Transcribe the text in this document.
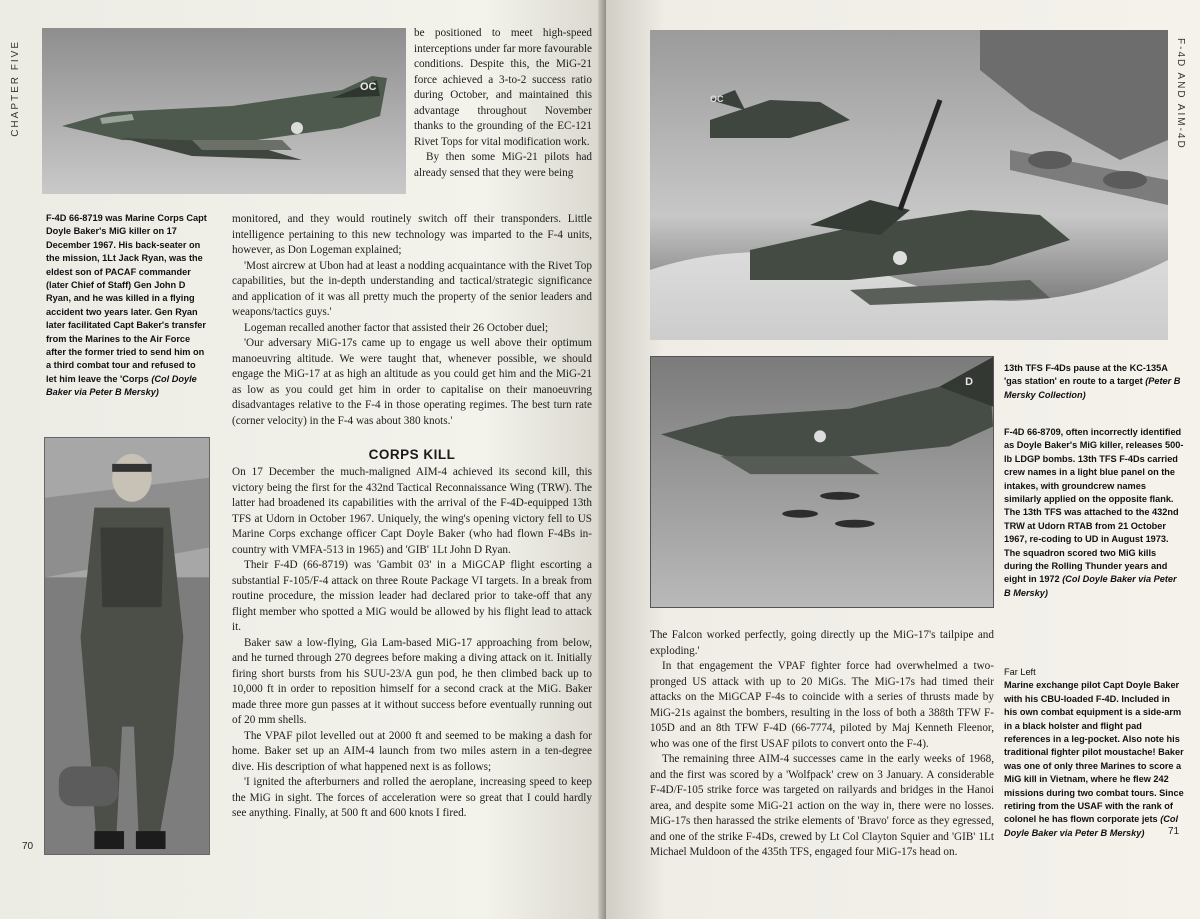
CHAPTER FIVE	OC
F-4D 66-8719 was Marine Corps Capt Doyle Baker's MiG killer on 17 December 1967. His back-seater on the mission, 1Lt Jack Ryan, was the eldest son of PACAF commander (later Chief of Staff) Gen John D Ryan, and he was killed in a flying accident two years later. Gen Ryan later facilitated Capt Baker's transfer from the Marines to the Air Force after the former tried to send him on a third combat tour and refused to let him leave the 'Corps (Col Doyle Baker via Peter B Mersky)

be positioned to meet high-speed interceptions under far more favourable conditions. Despite this, the MiG-21 force achieved a 3-to-2 success ratio during October, and maintained this advantage throughout November thanks to the grounding of the EC-121 Rivet Tops for vital modification work.

By then some MiG-21 pilots had already sensed that they were being

monitored, and they would routinely switch off their transponders. Little intelligence pertaining to this new technology was imparted to the F-4 units, however, as Don Logeman explained;

'Most aircrew at Ubon had at least a nodding acquaintance with the Rivet Top capabilities, but the in-depth understanding and tactical/strategic significance and application of it was all pretty much the property of the senior leaders and weapons/tactics guys.'

Logeman recalled another factor that assisted their 26 October duel;

'Our adversary MiG-17s came up to engage us well above their optimum manoeuvring altitude. We were taught that, whenever possible, we should engage the MiG-17 at as high an altitude as you could get him and the MiG-21 as low as you could get him in order to capitalise on their manoeuvring disadvantages relative to the F-4 in those operating regimes. The best turn rate (corner velocity) in the F-4 was about 380 knots.'

CORPS KILL

On 17 December the much-maligned AIM-4 achieved its second kill, this victory being the first for the 432nd Tactical Reconnaissance Wing (TRW). The latter had broadened its capabilities with the arrival of the F-4D-equipped 13th TFS at Udorn in October 1967. Uniquely, the wing's opening victory fell to US Marine Corps exchange officer Capt Doyle Baker (who had flown F-4Bs in-country with VMFA-513 in 1965) and 'GIB' 1Lt John D Ryan.

Their F-4D (66-8719) was 'Gambit 03' in a MiGCAP flight escorting a substantial F-105/F-4 attack on three Route Package VI targets. In a break from routine procedure, the mission leader had declared prior to take-off that any flight member who spotted a MiG would be allowed by his flight lead to attack it.

Baker saw a low-flying, Gia Lam-based MiG-17 approaching from below, and he turned through 270 degrees before making a diving attack on it. Initially firing short bursts from his SUU-23/A gun pod, he then climbed back up to 10,000 ft in order to reposition himself for a second crack at the MiG. Baker made three more gun passes at it without success before eventually running out of 20 mm shells.

The VPAF pilot levelled out at 2000 ft and seemed to be making a dash for home. Baker set up an AIM-4 launch from two miles astern in a ten-degree dive. His description of what happened next is as follows;

'I ignited the afterburners and rolled the aeroplane, increasing speed to keep the MiG in sight. The forces of acceleration were so great that I could hardly see anything. Finally, at 500 ft and 600 knots I fired.

70
F-4D AND AIM-4D
OC
13th TFS F-4Ds pause at the KC-135A 'gas station' en route to a target (Peter B Mersky Collection)
D
F-4D 66-8709, often incorrectly identified as Doyle Baker's MiG killer, releases 500-lb LDGP bombs. 13th TFS F-4Ds carried crew names in a light blue panel on the intakes, with groundcrew names similarly applied on the opposite flank. The 13th TFS was attached to the 432nd TRW at Udorn RTAB from 21 October 1967, re-coding to UD in August 1973. The squadron scored two MiG kills during the Rolling Thunder years and eight in 1972 (Col Doyle Baker via Peter B Mersky)

The Falcon worked perfectly, going directly up the MiG-17's tailpipe and exploding.'

In that engagement the VPAF fighter force had overwhelmed a two-pronged US attack with up to 20 MiGs. The MiG-17s had timed their attacks on the MiGCAP F-4s to coincide with a series of thrusts made by MiG-21s against the bombers, resulting in the loss of both a 388th TFW F-105D and an 8th TFW F-4D (66-7774, piloted by Maj Kenneth Fleenor, who was one of the first USAF pilots to convert onto the F-4).

The remaining three AIM-4 successes came in the early weeks of 1968, and the first was scored by a 'Wolfpack' crew on 3 January. A considerable F-4D/F-105 strike force was targeted on railyards and bridges in the Hanoi area, and despite some MiG-21 action on the way in, there were no losses. MiG-17s then harassed the strike elements of 'Bravo' force as they egressed, and one of the strike F-4Ds, crewed by Lt Col Clayton Squier and 'GIB' 1Lt Michael Muldoon of the 435th TFS, engaged four MiG-17s head on.

Far Left
Marine exchange pilot Capt Doyle Baker with his CBU-loaded F-4D. Included in his own combat equipment is a side-arm in a black holster and flight pad references in a leg-pocket. Also note his traditional fighter pilot moustache! Baker was one of only three Marines to score a MiG kill in Vietnam, where he flew 242 missions during two combat tours. Since retiring from the USAF with the rank of colonel he has flown corporate jets (Col Doyle Baker via Peter B Mersky)	71
